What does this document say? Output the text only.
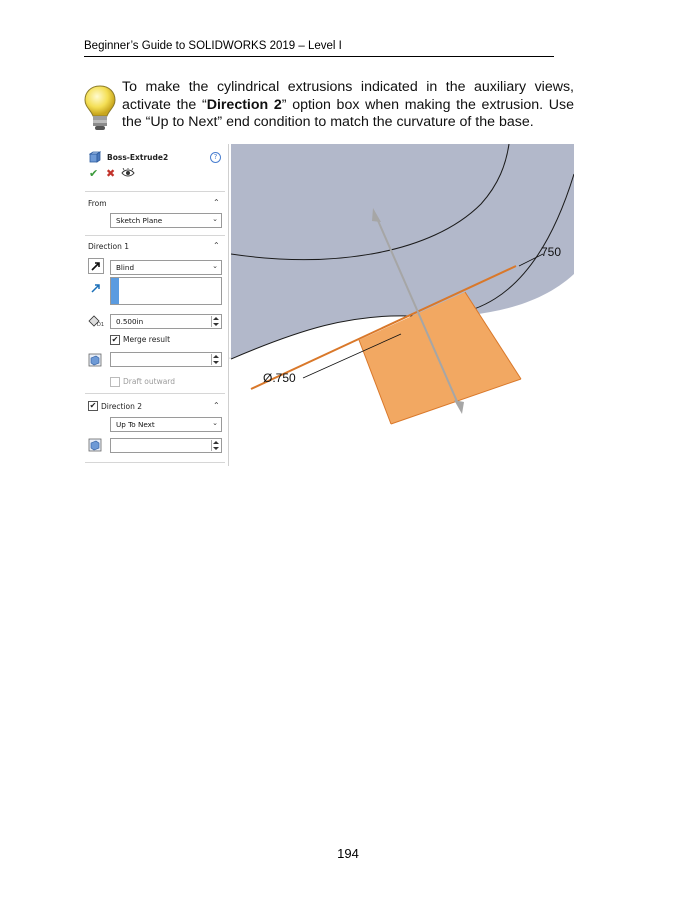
Beginner’s Guide to SOLIDWORKS 2019 – Level I
To make the cylindrical extrusions indicated in the auxiliary views, activate the “Direction 2” option box when making the extrusion. Use the “Up to Next” end condition to match the curvature of the base.
Boss-Extrude2	?
✔ ✖
From	⌃
Sketch Plane	⌄
Direction 1	⌃
Blind	⌄
D1 0.500in
✔ Merge result
Draft outward
✔ Direction 2	⌃
Up To Next	⌄
◦
750
Ø.750
194
